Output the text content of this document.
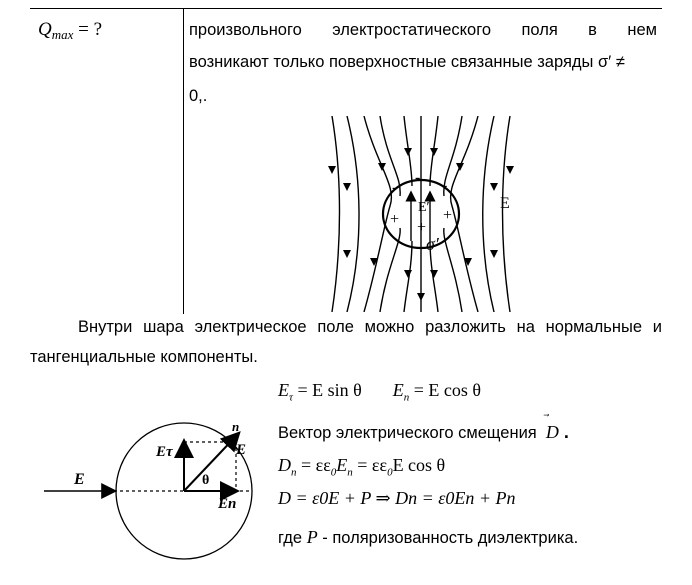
$Q_{max}$ = ?	произвольного электростатического поля в нем
возникают только поверхностные связанные заряды σ′ ≠
0,.
-
- -
+ +
+
E′	E
σ′
Внутри шара электрическое поле можно разложить на нормальные и
тангенциальные компоненты.
$E_\tau = E$ sin θ $E_n = E$ cos θ
E
Eτ	E
n
θ
En
Вектор электрического смещения D
.
$D_n = \varepsilon\varepsilon_0E_n = \varepsilon\varepsilon_0E$ cos θ
D = ε0E + P ⇒ Dn = ε0En + Pn
где P - поляризованность диэлектрика.
